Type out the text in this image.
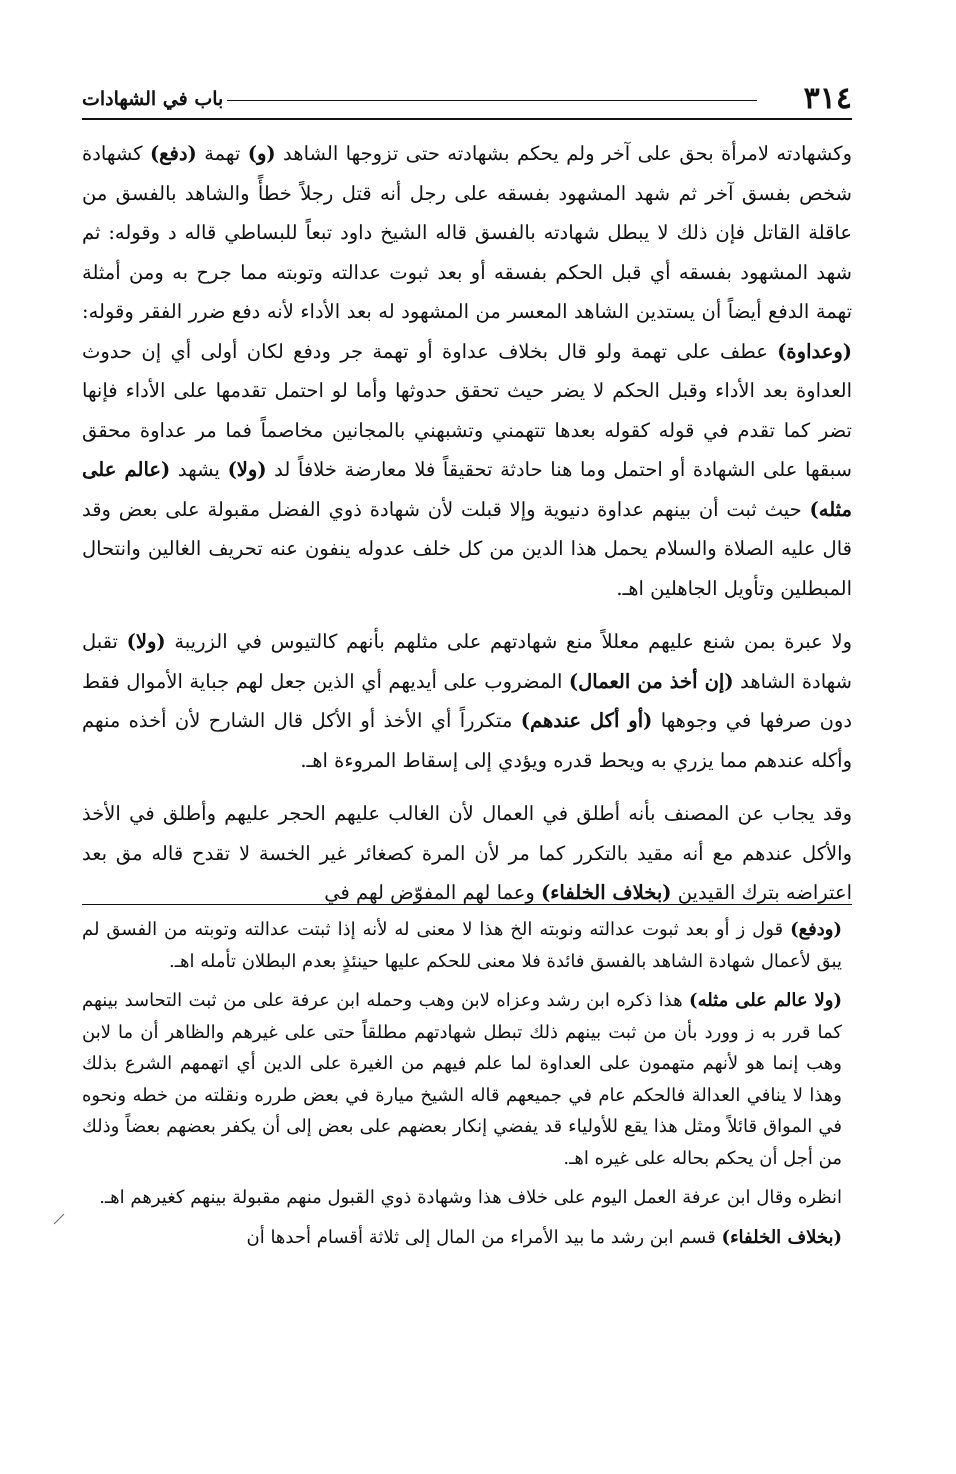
٣١٤
باب في الشهادات

وكشهادته لامرأة بحق على آخر ولم يحكم بشهادته حتى تزوجها الشاهد (و) تهمة (دفع) كشهادة شخص بفسق آخر ثم شهد المشهود بفسقه على رجل أنه قتل رجلاً خطأً والشاهد بالفسق من عاقلة القاتل فإن ذلك لا يبطل شهادته بالفسق قاله الشيخ داود تبعاً للبساطي قاله د وقوله: ثم شهد المشهود بفسقه أي قبل الحكم بفسقه أو بعد ثبوت عدالته وتوبته مما جرح به ومن أمثلة تهمة الدفع أيضاً أن يستدين الشاهد المعسر من المشهود له بعد الأداء لأنه دفع ضرر الفقر وقوله: (وعداوة) عطف على تهمة ولو قال بخلاف عداوة أو تهمة جر ودفع لكان أولى أي إن حدوث العداوة بعد الأداء وقبل الحكم لا يضر حيث تحقق حدوثها وأما لو احتمل تقدمها على الأداء فإنها تضر كما تقدم في قوله كقوله بعدها تتهمني وتشبهني بالمجانين مخاصماً فما مر عداوة محقق سبقها على الشهادة أو احتمل وما هنا حادثة تحقيقاً فلا معارضة خلافاً لد (ولا) يشهد (عالم على مثله) حيث ثبت أن بينهم عداوة دنيوية وإلا قبلت لأن شهادة ذوي الفضل مقبولة على بعض وقد قال عليه الصلاة والسلام يحمل هذا الدين من كل خلف عدوله ينفون عنه تحريف الغالين وانتحال المبطلين وتأويل الجاهلين اهـ.

ولا عبرة بمن شنع عليهم معللاً منع شهادتهم على مثلهم بأنهم كالتيوس في الزريبة (ولا) تقبل شهادة الشاهد (إن أخذ من العمال) المضروب على أيديهم أي الذين جعل لهم جباية الأموال فقط دون صرفها في وجوهها (أو أكل عندهم) متكرراً أي الأخذ أو الأكل قال الشارح لأن أخذه منهم وأكله عندهم مما يزري به ويحط قدره ويؤدي إلى إسقاط المروءة اهـ.

وقد يجاب عن المصنف بأنه أطلق في العمال لأن الغالب عليهم الحجر عليهم وأطلق في الأخذ والأكل عندهم مع أنه مقيد بالتكرر كما مر لأن المرة كصغائر غير الخسة لا تقدح قاله مق بعد اعتراضه بترك القيدين (بخلاف الخلفاء) وعما لهم المفوّض لهم في

(ودفع) قول ز أو بعد ثبوت عدالته ونوبته الخ هذا لا معنى له لأنه إذا ثبتت عدالته وتوبته من الفسق لم يبق لأعمال شهادة الشاهد بالفسق فائدة فلا معنى للحكم عليها حينئذٍ بعدم البطلان تأمله اهـ.

(ولا عالم على مثله) هذا ذكره ابن رشد وعزاه لابن وهب وحمله ابن عرفة على من ثبت التحاسد بينهم كما قرر به ز وورد بأن من ثبت بينهم ذلك تبطل شهادتهم مطلقاً حتى على غيرهم والظاهر أن ما لابن وهب إنما هو لأنهم متهمون على العداوة لما علم فيهم من الغيرة على الدين أي اتهمهم الشرع بذلك وهذا لا ينافي العدالة فالحكم عام في جميعهم قاله الشيخ ميارة في بعض طرره ونقلته من خطه ونحوه في المواق قائلاً ومثل هذا يقع للأولياء قد يفضي إنكار بعضهم على بعض إلى أن يكفر بعضهم بعضاً وذلك من أجل أن يحكم بحاله على غيره اهـ.

انظره وقال ابن عرفة العمل اليوم على خلاف هذا وشهادة ذوي القبول منهم مقبولة بينهم كغيرهم اهـ.

(بخلاف الخلفاء) قسم ابن رشد ما بيد الأمراء من المال إلى ثلاثة أقسام أحدها أن
